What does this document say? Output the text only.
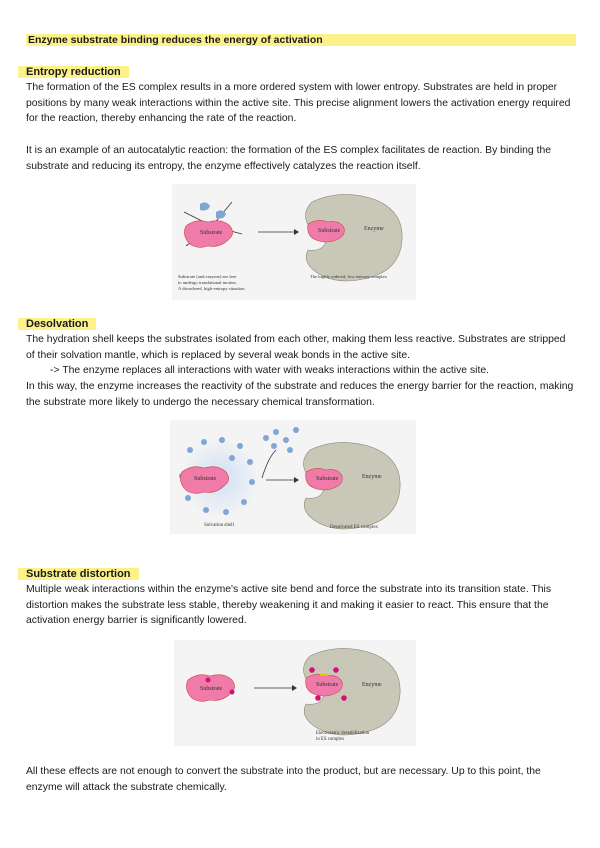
Enzyme substrate binding reduces the energy of activation
Entropy reduction

The formation of the ES complex results in a more ordered system with lower entropy. Substrates are held in proper positions by many weak interactions within the active site. This precise alignment lowers the activation energy required for the reaction, thereby enhancing the rate of the reaction.

It is an example of an autocatalytic reaction: the formation of the ES complex facilitates de reaction. By binding the substrate and reducing its entropy, the enzyme effectively catalyzes the reaction itself.

Substrate	Substrate	Enzyme
Substrate (and enzyme) are free
to undergo translational motion.
A disordered, high-entropy situation
The highly ordered, low-entropy complex
Desolvation

The hydration shell keeps the substrates isolated from each other, making them less reactive. Substrates are stripped of their solvation mantle, which is replaced by several weak bonds in the active site.

-> The enzyme replaces all interactions with water with weaks interactions within the active site.

In this way, the enzyme increases the reactivity of the substrate and reduces the energy barrier for the reaction, making the substrate more likely to undergo the necessary chemical transformation.

Substrate
Solvation shell
Substrate	Enzyme
Desolvated ES complex
Substrate distortion

Multiple weak interactions within the enzyme's active site bend and force the substrate into its transition state. This distortion makes the substrate less stable, thereby weakening it and making it easier to react. This ensure that the activation energy barrier is significantly lowered.

Substrate
Substrate	Enzyme
Electrostatic destabilization
in ES complex

All these effects are not enough to convert the substrate into the product, but are necessary. Up to this point, the enzyme will attack the substrate chemically.
